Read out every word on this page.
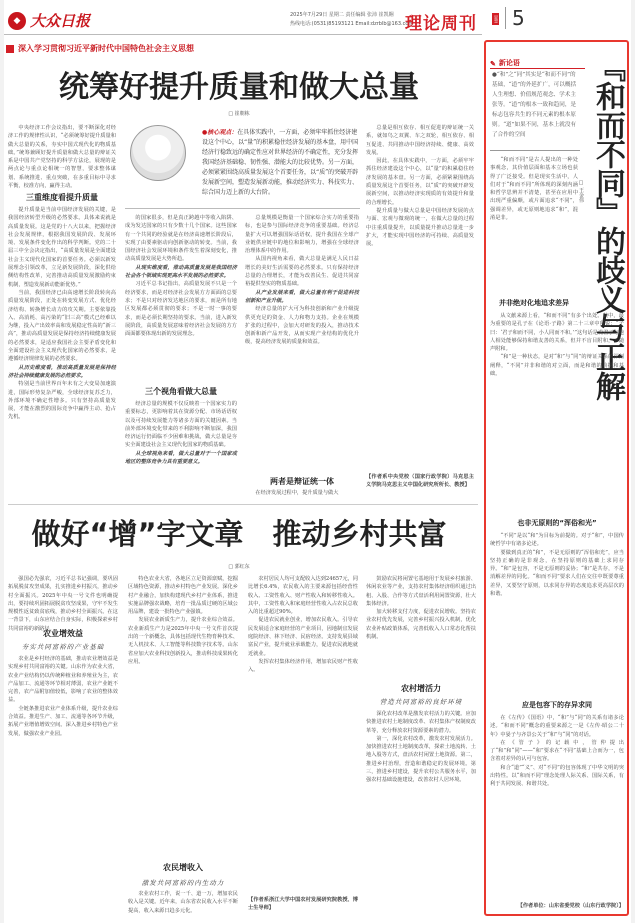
◆ 大众日报	2025年7月29日 星期二 责任编辑 张沛 崔凯翱
热线电话:(0531)85193121 Email:dzrblb@163.com
理论周刊	思想 5
深入学习贯彻习近平新时代中国特色社会主义思想
统筹好提升质量和做大总量
□ 崔朝栋

中央经济工作会议指出，要不断深化对经济工作的规律性认识，“必须统筹好提升质量和做大总量的关系，夯实中国式现代化的物质基础。”统筹兼顾好提升质量和做大总量的辩证关系是中国共产党坚持的科学方法论，展现的是两点论与重点论相统一的智慧，要求整体谋划、系统推进、重点突破，在多重目标中寻求平衡，校准方向，赢得主动。

●核心观点：在具体实践中，一方面，必须牢牢抓住经济建设这个中心，以“量”的积累稳住经济发展的基本盘，用中国经济行稳致远的确定性应对世界经济的不确定性，充分发挥我国经济基础稳、韧性强、潜能大的比较优势。另一方面，必须紧紧围绕高质量发展这个首要任务，以“质”的突破开辟发展新空间，塑造发展新动能，推动经济实力、科技实力、综合国力迈上新的大台阶。

总量是相互依存、相互促进的辩证统一关系，就如鸟之双翼、车之双轮，相互依存、相互促进、共同推动中国经济持续、健康、高效发展。

因此，在具体实践中，一方面，必须牢牢抓住经济建设这个中心，以“量”的积累稳住经济发展的基本盘。另一方面，必须紧紧围绕高质量发展这个首要任务，以“质”的突破开辟发展新空间，以推动经济实现质的有效提升和量的合理增长。

提升质量与做大总量是中国经济发展的点与面、宏观与微观的统一，在做大总量的过程中注重质量提升，以质量提升推动总量进一步扩大，才能实现中国经济的可持续、高质量发展。

三重维度看提升质量

提升质量是当前中国经济发展的关键，是我国经济转型升级的必然要求。具体来说就是高质量发展。这是党的十八大以来，把握经济社会发展规律，根据我国发展阶段、发展环境、发展条件变化作出的科学判断。党的二十届三中全会决定指出，“高质量发展是全面建设社会主义现代化国家的首要任务。必须以新发展理念引领改革，立足新发展阶段，深化供给侧结构性改革，完善推动高质量发展激励约束机制，塑造发展新动能新优势。”

当前，我国经济已由高速增长阶段转向高质量发展阶段，正处在转变发展方式、优化经济结构、转换增长动力的攻关期。主要依靠投入、高消耗、高污染的“旧三高”模式已经难以为继，投入产出效率高和发展稳定性高的“新三高”，推动高质量发展是保持经济持续健康发展的必然要求，是适应我国社会主要矛盾变化和全面建设社会主义现代化国家的必然要求，是遵循经济规律发展的必然要求。

从历史维度看，推动高质量发展是保持经济社会持续健康发展的必然要求。

特别是当前世界百年未有之大变局加速演进，国际形势复杂严峻，全球经济复苏乏力，外部环境不确定性增多。只有坚持高质量发展，才能在激烈的国际竞争中赢得主动、抢占先机。

的国家很多，但是真正跨越中等收入陷阱、成为发达国家的只有少数十几个国家。这些国家有一个共同的经验就是在经济高速增长阶段后，实现了由要素驱动向创新驱动的转变。当前，我国经济社会发展环境和条件发生着深刻变化，推动高质量发展是大势所趋。

从现实维度看，推动高质量发展是我国经济社会各个领域实现更高水平发展的必然要求。

习近平总书记指出，高质量发展不只是一个经济要求，而是对经济社会发展方方面面的总要求；不是只对经济发达地区的要求，而是所有地区发展都必须贯彻的要求；不是一时一事的要求，而是必须长期坚持的要求。当前，进入新发展阶段，高质量发展意味着经济社会发展的方方面面都要体现出新的发展理念。

三个视角看做大总量

经济总量的规模不仅反映着一个国家实力的重要标志，更影响着其在资源分配、市场话语权以及可持续发展能力等诸多方面的关键因素。当前外部环境变化带来的不利影响不断加深，我国经济运行仍面临不少困难和挑战，做大总量是夯实全面建设社会主义现代化国家的物质基础。

从全球视角来看，做大总量对于一个国家或地区的整体竞争力具有重要意义。

总量规模是衡量一个国家综合实力的重要指标，也是参与国际经济竞争的重要基础。经济总量扩大可以增强国际话语权，提升我国在全球产业链供应链中的地位和影响力，增强在全球经济治理体系中的作用。

从国内视角来看，做大总量是满足人民日益增长的美好生活需要的必然要求。只有保持经济总量的合理增长，才能为改善民生、促进共同富裕提供坚实的物质基础。

从产业发展来看，做大总量有利于促进科技创新和产业升级。

经济总量的扩大可为科技创新和产业升级提供更充足的资金、人力和物力支持。企业在规模扩张的过程中，会加大对研发的投入，推动技术创新和新产品开发，从而实现产业结构的优化升级，提高经济发展的质量和效益。

两者是辩证统一体

在经济发展过程中，提升质量与做大

【作者系中央党校（国家行政学院）马克思主义学院马克思主义中国化研究所所长、教授】
做好“增”字文章　推动乡村共富
□ 郭红东

强国必先强农，习近平总书记强调，要巩固拓展脱贫攻坚成果，扎实推进乡村振兴，推动乡村全面振兴。2025年中央一号文件也明确提出，要持续巩固拓展脱贫攻坚成果，守牢不发生规模性返贫致贫底线，推动乡村全面振兴。在这一背景下，山东应结合自身实际，积极探索乡村共同富裕的新路径。

农业增效益
夯实共同富裕的产业基础

农业是乡村经济的基础，推动农业增效益是实现乡村共同富裕的关键。山东作为农业大省，农业产业结构仍以传统种植业和养殖业为主，农产品加工、流通等环节相对薄弱，农业产业链不完善，农产品附加值较低，影响了农业的整体效益。

全链条推进农业产业体系升级，提升农业综合效益。推进生产、加工、流通等各环节升级，拓展产业增值增效空间。深入推进乡村特色产业发展，做强农业产业园。

特色农业大省，各地区立足资源禀赋，挖掘区域特色资源，推动乡村特色产业发展。深化乡村产业融合，加快构建现代乡村产业体系，推进实施品牌强农战略，培育一批品质过硬的区域公用品牌，建设一批特色产业强镇。

发展农业新质生产力，提升农业综合效益。农业新质生产力是2025年中央一号文件首次提出的一个新概念，具体包括现代生物育种技术、无人机技术、人工智能等科技数字技术等。山东省应加大农业科技创新投入，推动科技成果转化应用。

农民增收入
激发共同富裕的内生动力

农业农村工作，说一千、道一万，增加农民收入是关键。近年来，山东省农民收入水平不断提高，收入来源日趋多元化。

农村居民人均可支配收入达到24657元，同比增长6.4%，农民收入的主要来源包括经营性收入、工资性收入、财产性收入和转移性收入。其中，工资性收入和家庭经营性收入占农民总收入的比重超过90%。

促进农民就业创业，增加农民收入。引导农民发展适合家庭经营的产业项目，因地制宜发展庭院经济、林下经济、民宿经济。支持发展县域富民产业，提升就业承载能力，促进农民就地就近就业。

发挥农村集体经济作用，增加农民财产性收入。

【作者系浙江大学中国农村发展研究院教授、博士生导师】

鼓励农民将闲置宅基地用于发展乡村旅游、休闲农业等产业，支持农村集体经济组织通过出租、入股、合作等方式盘活利用闲置资源，壮大集体经济。

加大转移支付力度，促进农民增收。坚持农业农村优先发展，完善乡村振兴投入机制，优化农业补贴政策体系，完善低收入人口常态化帮扶机制。

农村增活力
营造共同富裕的良好环境

深化农村改革是激发农村活力的关键。应加快推进农村土地制度改革、农村集体产权制度改革等，充分释放农村资源要素的潜力。

第一，深化农村改革，激发农村发展活力。加快推进农村土地制度改革，探索土地流转、土地入股等方式，盘活农村闲置土地资源。第二，推进乡村治理，营造和谐稳定的发展环境。第三，推进乡村建设，提升农村公共服务水平，加强农村基础设施建设，改善农村人居环境。

✎ 新论语
●“和”之“同”其实是“和而不同”的基础，“道”的外延扩广，可以概括人生理想、价值规范观念、学术主张等。“道”的根本一致和趋同，是标志包容共生的不同元素的根本原则。“道”如果不同，基本上就没有了合作的空间	『和而不同』的歧义与正解
□ 王金伟

“和而不同”是古人提出的一种处事观念，其价值层面和基本立场也获得了广泛接受。但是现实生活中，人们对于“和而不同”所体现的深刻内涵和哲学思辨并不清楚，甚至在应用中出现严重偏颇，或片面追求“不同”，强调差异，或无原则地追求“和”，混淆是非。

并非绝对化地追求差异

从文献来源上看，“和而不同”有多个出处。其中，最为重要的是孔子在《论语·子路》第二十三章中所说：“子曰：‘君子和而不同，小人同而不和。’”这句话是说君子与他人相处能够保持和谐友善的关系，但并不盲目附和，不随声附和。

“和”是一种状态，是对“和”与“同”的辩证关系的深刻阐释，“不同”并非和谐的对立面，而是和谐的前提和基础。

也非无原则的“浑俗和光”

“不同”是以“和”为目标为前提的。对于“和”，中国传统哲学中有诸多论述。

要做到真正的“和”，不是无原则的“浑俗和光”，应当坚持正确的是非观念，在坚持原则的基础上求同存异。“和”是包容，不是无原则的妥协；“和”是共存，不是消解差异的同化。“和而不同”要求人们在交往中既要尊重差异，又要坚守原则，以求同存异的态度追求更高层次的和谐。

应是包容下的存异求同

在《左传》《国语》中，“和”与“同”的关系有诸多论述。“和而不同”概念的重要来源之一是《左传·昭公二十年》中晏子与齐景公关于“和”与“同”的对话。

在《管子》的记载中，管仲提出了“和”和“同”——“和”要求在“不同”基础上合而为一，包含着对差异的认可与包容。

和合“道”“义”、对“不同”的包容体现了中华文明的突出特性。以“和而不同”理念处理人际关系、国际关系，有利于共同发展、和谐共处。

【作者单位：山东省委党校（山东行政学院）】
